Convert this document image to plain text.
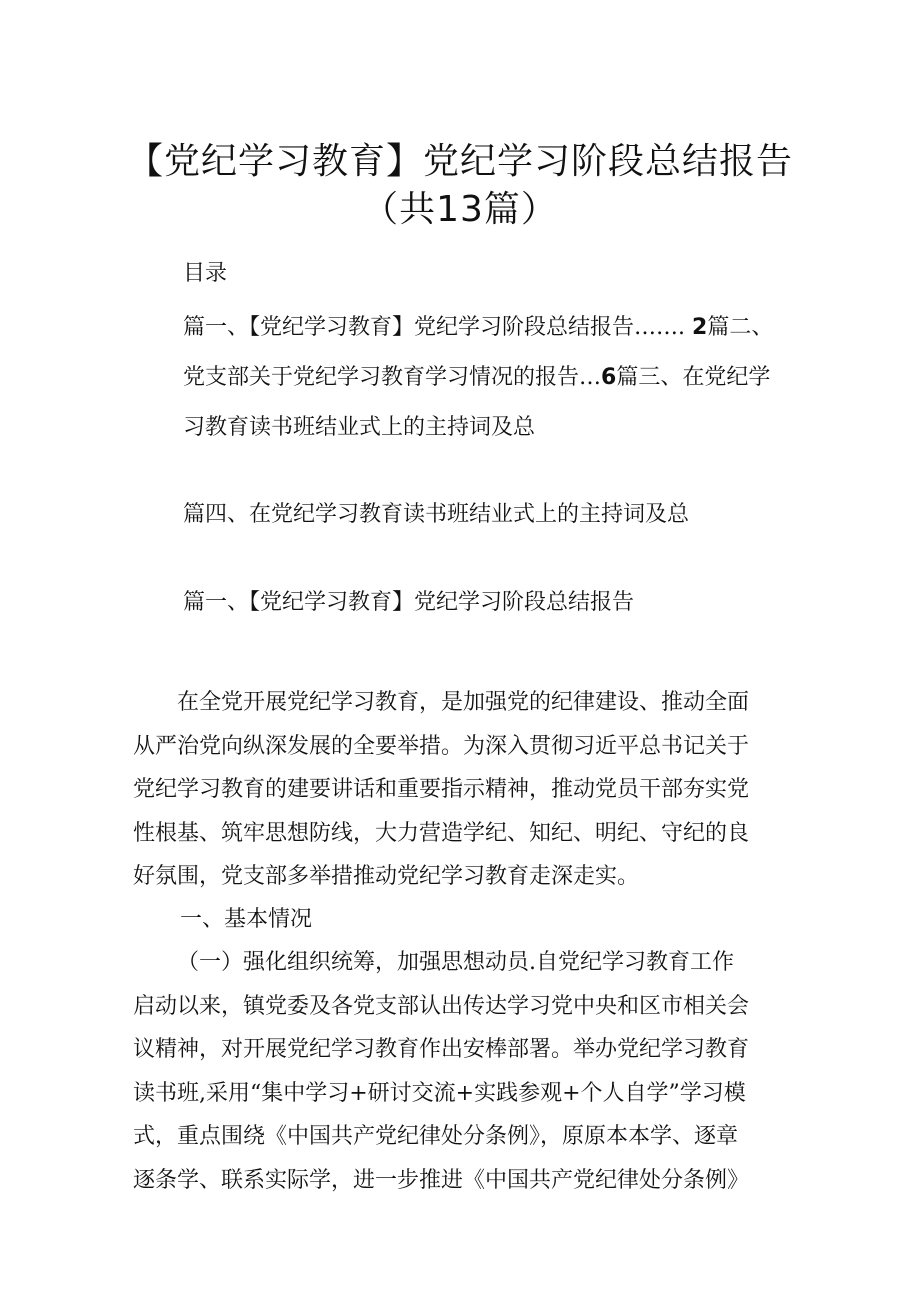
【党纪学习教育】党纪学习阶段总结报告
（共13篇）

目录

篇一、【党纪学习教育】党纪学习阶段总结报告……. 2篇二、
党支部关于党纪学习教育学习情况的报告…6篇三、在党纪学
习教育读书班结业式上的主持词及总

篇四、在党纪学习教育读书班结业式上的主持词及总

篇一、【党纪学习教育】党纪学习阶段总结报告

在全党开展党纪学习教育，是加强党的纪律建设、推动全面
从严治党向纵深发展的全要举措。为深入贯彻习近平总书记关于
党纪学习教育的建要讲话和重要指示精神，推动党员干部夯实党
性根基、筑牢思想防线，大力营造学纪、知纪、明纪、守纪的良
好氛围，党支部多举措推动党纪学习教育走深走实。

一、基本情况

（一）强化组织统筹，加强思想动员.自党纪学习教育工作
启动以来，镇党委及各党支部认出传达学习党中央和区市相关会
议精神，对开展党纪学习教育作出安棒部署。举办党纪学习教育
读书班,采用“集中学习+研讨交流+实践参观+个人自学”学习模
式，重点围绕《中国共产党纪律处分条例》，原原本本学、逐章
逐条学、联系实际学，进一步推进《中国共产党纪律处分条例》
